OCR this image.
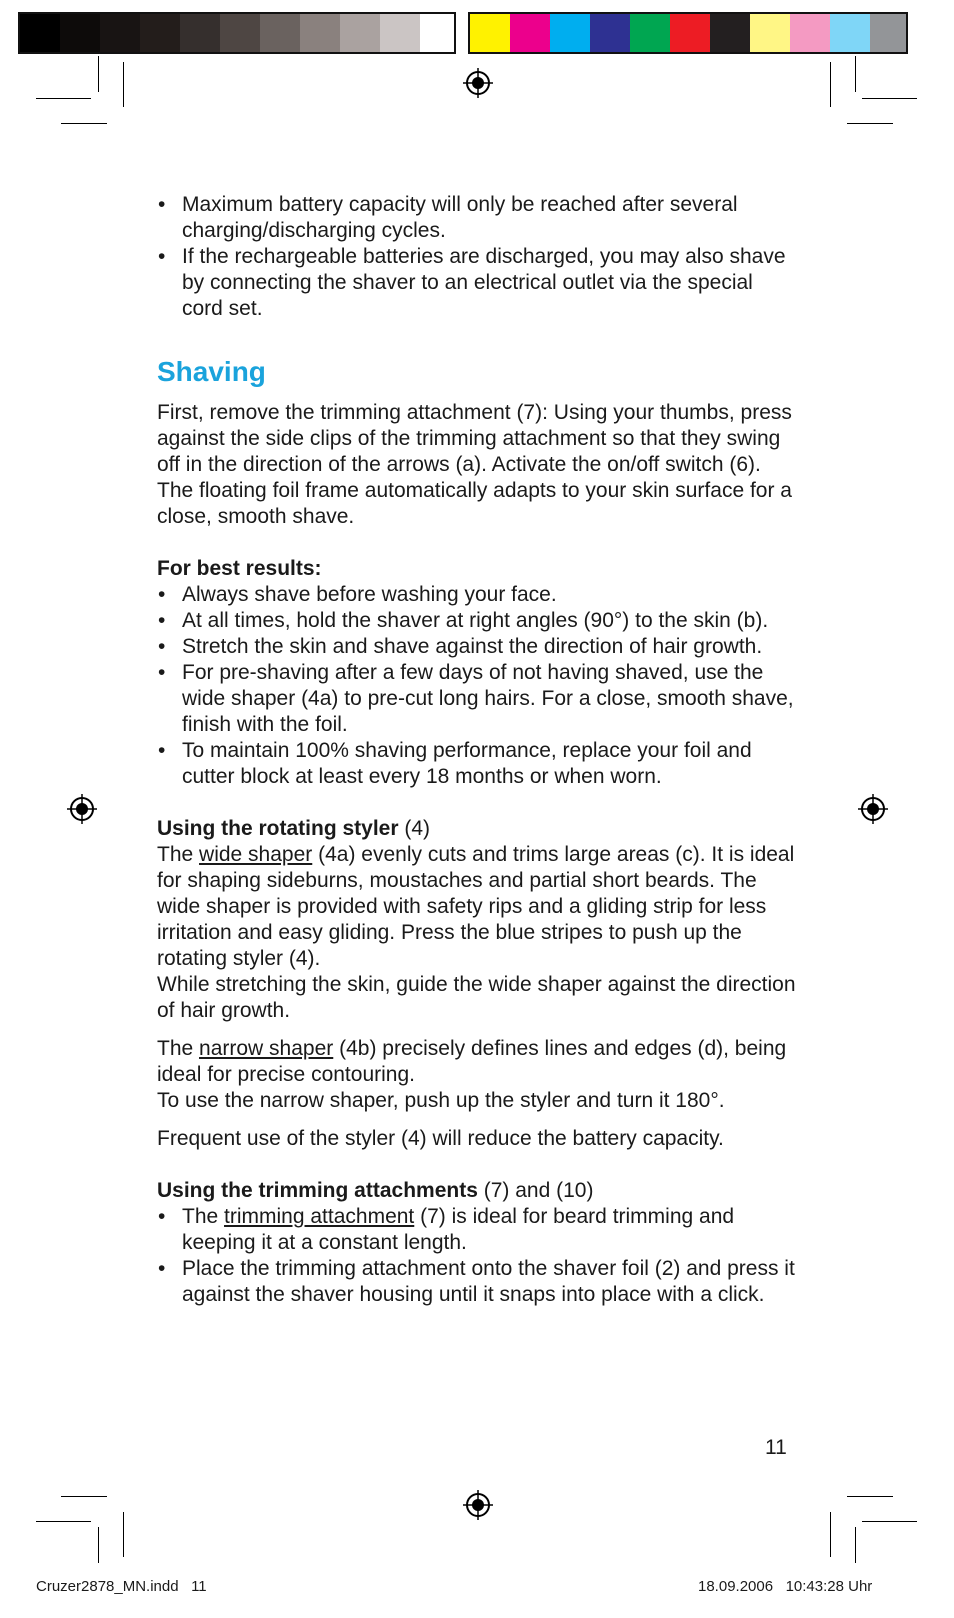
• Maximum battery capacity will only be reached after several charging/discharging cycles.
• If the rechargeable batteries are discharged, you may also shave by connecting the shaver to an electrical outlet via the special cord set.
Shaving

First, remove the trimming attachment (7): Using your thumbs, press against the side clips of the trimming attachment so that they swing off in the direction of the arrows (a). Activate the on/off switch (6). The floating foil frame automatically adapts to your skin surface for a close, smooth shave.

For best results:

• Always shave before washing your face.
• At all times, hold the shaver at right angles (90°) to the skin (b).
• Stretch the skin and shave against the direction of hair growth.
• For pre-shaving after a few days of not having shaved, use the wide shaper (4a) to pre-cut long hairs. For a close, smooth shave, finish with the foil.
• To maintain 100% shaving performance, replace your foil and cutter block at least every 18 months or when worn.

Using the rotating styler (4)

The wide shaper (4a) evenly cuts and trims large areas (c). It is ideal for shaping sideburns, moustaches and partial short beards. The wide shaper is provided with safety rips and a gliding strip for less irritation and easy gliding. Press the blue stripes to push up the rotating styler (4).

While stretching the skin, guide the wide shaper against the direction of hair growth.

The narrow shaper (4b) precisely defines lines and edges (d), being ideal for precise contouring.

To use the narrow shaper, push up the styler and turn it 180°.

Frequent use of the styler (4) will reduce the battery capacity.

Using the trimming attachments (7) and (10)

• The trimming attachment (7) is ideal for beard trimming and keeping it at a constant length.
• Place the trimming attachment onto the shaver foil (2) and press it against the shaver housing until it snaps into place with a click.
11
Cruzer2878_MN.indd   11	18.09.2006   10:43:28 Uhr
